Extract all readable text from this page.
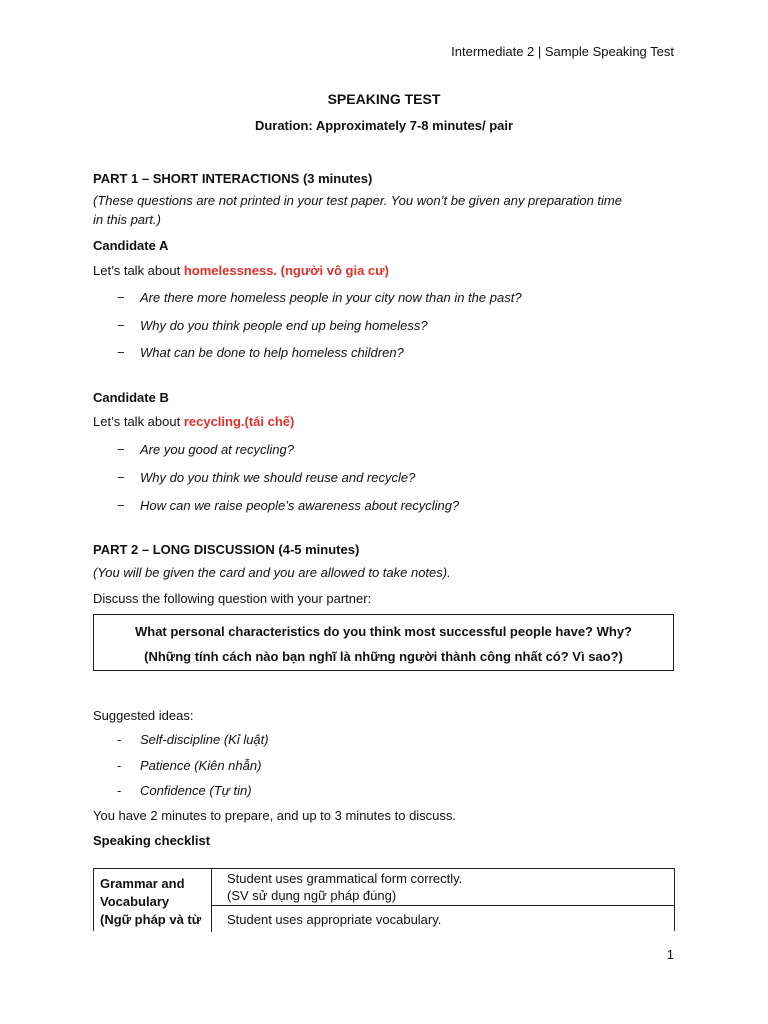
Intermediate 2 | Sample Speaking Test
SPEAKING TEST
Duration: Approximately 7-8 minutes/ pair
PART 1 – SHORT INTERACTIONS (3 minutes)
(These questions are not printed in your test paper. You won’t be given any preparation time
in this part.)
Candidate A
Let’s talk about homelessness. (người vô gia cư)
− Are there more homeless people in your city now than in the past?
− Why do you think people end up being homeless?
− What can be done to help homeless children?
Candidate B
Let’s talk about recycling.(tái chế)
− Are you good at recycling?
− Why do you think we should reuse and recycle?
− How can we raise people’s awareness about recycling?
PART 2 – LONG DISCUSSION (4-5 minutes)
(You will be given the card and you are allowed to take notes).
Discuss the following question with your partner:
What personal characteristics do you think most successful people have? Why?
(Những tính cách nào bạn nghĩ là những người thành công nhất có? Vì sao?)
Suggested ideas:
- Self-discipline (Kỉ luật)
- Patience (Kiên nhẫn)
- Confidence (Tự tin)
You have 2 minutes to prepare, and up to 3 minutes to discuss.
Speaking checklist
Grammar and
Vocabulary
(Ngữ pháp và từ
Student uses grammatical form correctly.
(SV sử dụng ngữ pháp đúng)
Student uses appropriate vocabulary.
1
